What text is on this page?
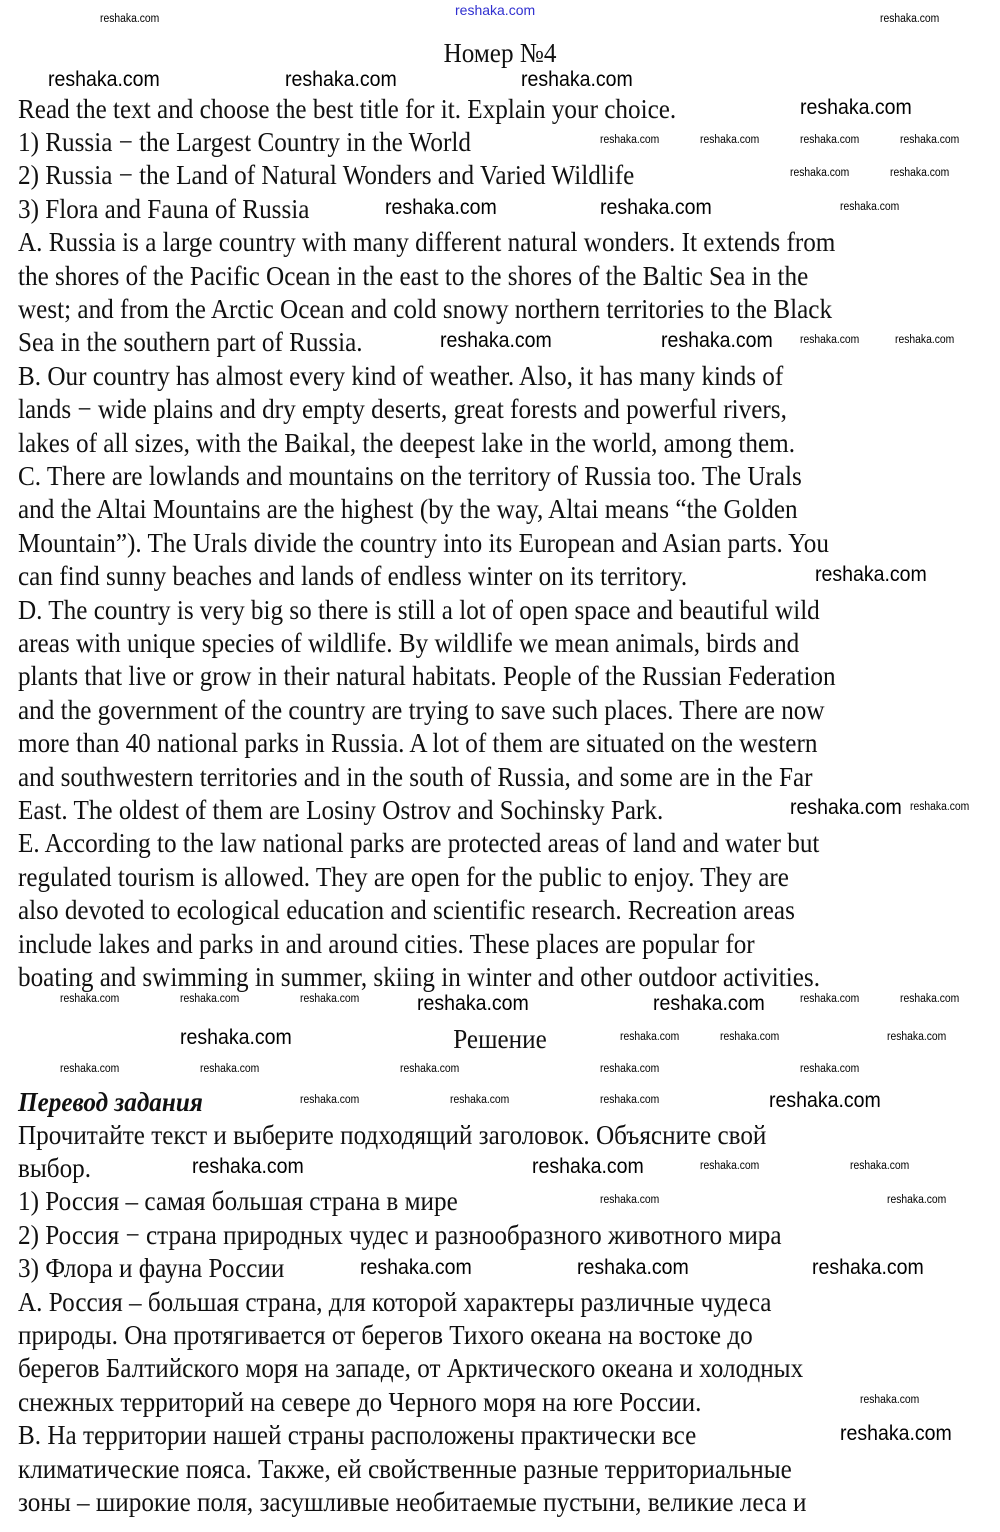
Номер №4
Read the text and choose the best title for it. Explain your choice.
1) Russia − the Largest Country in the World
2) Russia − the Land of Natural Wonders and Varied Wildlife
3) Flora and Fauna of Russia
A. Russia is a large country with many different natural wonders. It extends from
the shores of the Pacific Ocean in the east to the shores of the Baltic Sea in the
west; and from the Arctic Ocean and cold snowy northern territories to the Black
Sea in the southern part of Russia.
B. Our country has almost every kind of weather. Also, it has many kinds of
lands − wide plains and dry empty deserts, great forests and powerful rivers,
lakes of all sizes, with the Baikal, the deepest lake in the world, among them.
C. There are lowlands and mountains on the territory of Russia too. The Urals
and the Altai Mountains are the highest (by the way, Altai means “the Golden
Mountain”). The Urals divide the country into its European and Asian parts. You
can find sunny beaches and lands of endless winter on its territory.
D. The country is very big so there is still a lot of open space and beautiful wild
areas with unique species of wildlife. By wildlife we mean animals, birds and
plants that live or grow in their natural habitats. People of the Russian Federation
and the government of the country are trying to save such places. There are now
more than 40 national parks in Russia. A lot of them are situated on the western
and southwestern territories and in the south of Russia, and some are in the Far
East. The oldest of them are Losiny Ostrov and Sochinsky Park.
E. According to the law national parks are protected areas of land and water but
regulated tourism is allowed. They are open for the public to enjoy. They are
also devoted to ecological education and scientific research. Recreation areas
include lakes and parks in and around cities. These places are popular for
boating and swimming in summer, skiing in winter and other outdoor activities.
Решение
Перевод задания
Прочитайте текст и выберите подходящий заголовок. Объясните свой
выбор.
1) Россия – самая большая страна в мире
2) Россия − страна природных чудес и разнообразного животного мира
3) Флора и фауна России
А. Россия – большая страна, для которой характеры различные чудеса
природы. Она протягивается от берегов Тихого океана на востоке до
берегов Балтийского моря на западе, от Арктического океана и холодных
снежных территорий на севере до Черного моря на юге России.
B. На территории нашей страны расположены практически все
климатические пояса. Также, ей свойственные разные территориальные
зоны – широкие поля, засушливые необитаемые пустыни, великие леса и
reshaka.com
reshaka.com	reshaka.com	reshaka.com
reshaka.com
reshaka.com	reshaka.com
reshaka.com	reshaka.com
reshaka.com
reshaka.com
reshaka.com	reshaka.com
reshaka.com
reshaka.com
reshaka.com	reshaka.com
reshaka.com	reshaka.com	reshaka.com
reshaka.com
reshaka.com	reshaka.com	reshaka.com	reshaka.com
reshaka.com	reshaka.com
reshaka.com
reshaka.com	reshaka.com
reshaka.com
reshaka.com	reshaka.com	reshaka.com	reshaka.com	reshaka.com
reshaka.com	reshaka.com	reshaka.com
reshaka.com	reshaka.com	reshaka.com	reshaka.com	reshaka.com
reshaka.com	reshaka.com	reshaka.com
reshaka.com	reshaka.com
reshaka.com	reshaka.com
reshaka.com
reshaka.com	reshaka.com
